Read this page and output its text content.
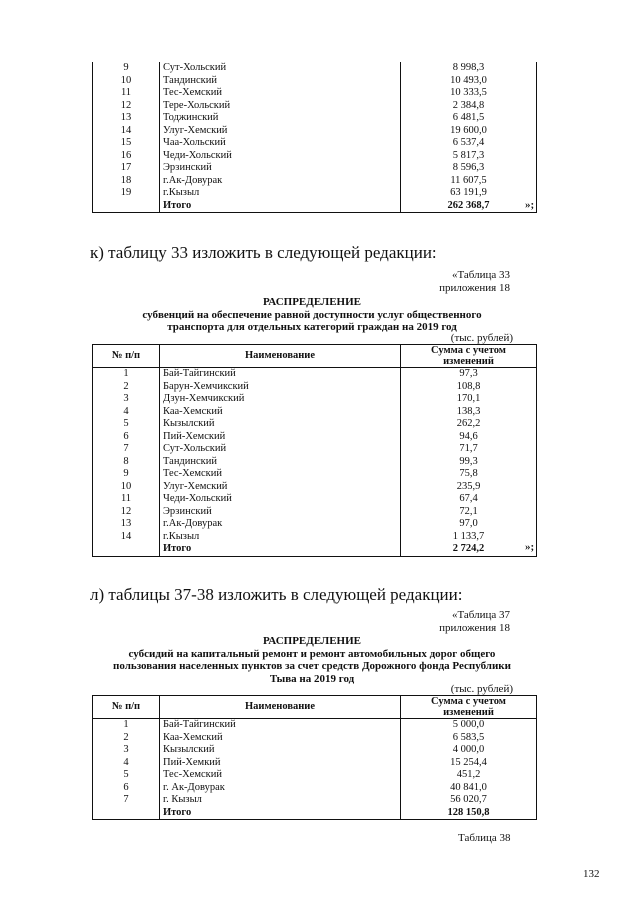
9	Сут-Хольский	8 998,3
10	Тандинский	10 493,0
11	Тес-Хемский	10 333,5
12	Тере-Хольский	2 384,8
13	Тоджинский	6 481,5
14	Улуг-Хемский	19 600,0
15	Чаа-Хольский	6 537,4
16	Чеди-Хольский	5 817,3
17	Эрзинский	8 596,3
18	г.Ак-Довурак	11 607,5
19	г.Кызыл	63 191,9
	Итого	262 368,7	»;
к) таблицу 33 изложить в следующей редакции:
«Таблица 33
приложения 18
РАСПРЕДЕЛЕНИЕ
субвенций на обеспечение равной доступности услуг общественного
транспорта для отдельных категорий граждан на 2019 год
(тыс. рублей)
№ п/п	Наименование	Сумма с учетом
изменений

1	Бай-Тайгинский	97,3
2	Барун-Хемчикский	108,8
3	Дзун-Хемчикский	170,1
4	Каа-Хемский	138,3
5	Кызылский	262,2
6	Пий-Хемский	94,6
7	Сут-Хольский	71,7
8	Тандинский	99,3
9	Тес-Хемский	75,8
10	Улуг-Хемский	235,9
11	Чеди-Хольский	67,4
12	Эрзинский	72,1
13	г.Ак-Довурак	97,0
14	г.Кызыл	1 133,7
	Итого	2 724,2	»;
л) таблицы 37-38 изложить в следующей редакции:
«Таблица 37
приложения 18
РАСПРЕДЕЛЕНИЕ
субсидий на капитальный ремонт и ремонт автомобильных дорог общего
пользования населенных пунктов за счет средств Дорожного фонда Республики
Тыва на 2019 год
(тыс. рублей)
№ п/п	Наименование	Сумма с учетом
изменений

1	Бай-Тайгинский	5 000,0
2	Каа-Хемский	6 583,5
3	Кызылский	4 000,0
4	Пий-Хемкий	15 254,4
5	Тес-Хемский	451,2
6	г. Ак-Довурак	40 841,0
7	г. Кызыл	56 020,7
	Итого	128 150,8
Таблица 38
132
